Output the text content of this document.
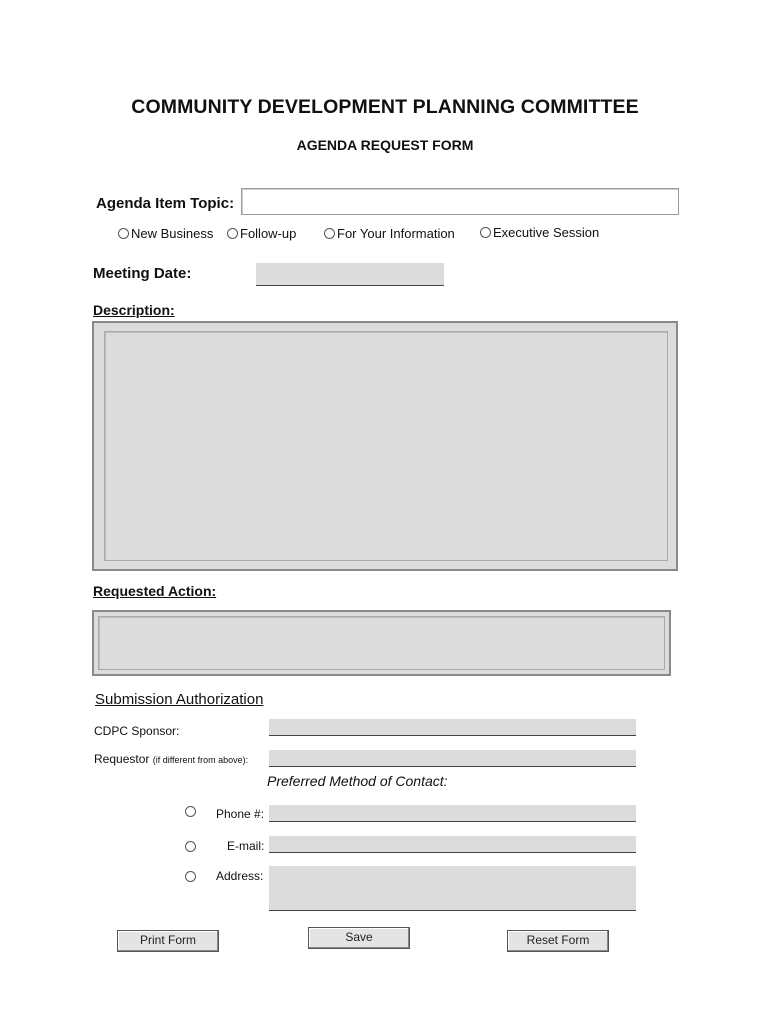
COMMUNITY DEVELOPMENT PLANNING COMMITTEE
AGENDA REQUEST FORM
Agenda Item Topic:
New Business Follow-up	For Your Information	Executive Session
Meeting Date:
Description:
Requested Action:
Submission Authorization
CDPC Sponsor:
Requestor (if different from above):
Preferred Method of Contact:
Phone #:
E-mail:
Address:
Print Form	Save	Reset Form
